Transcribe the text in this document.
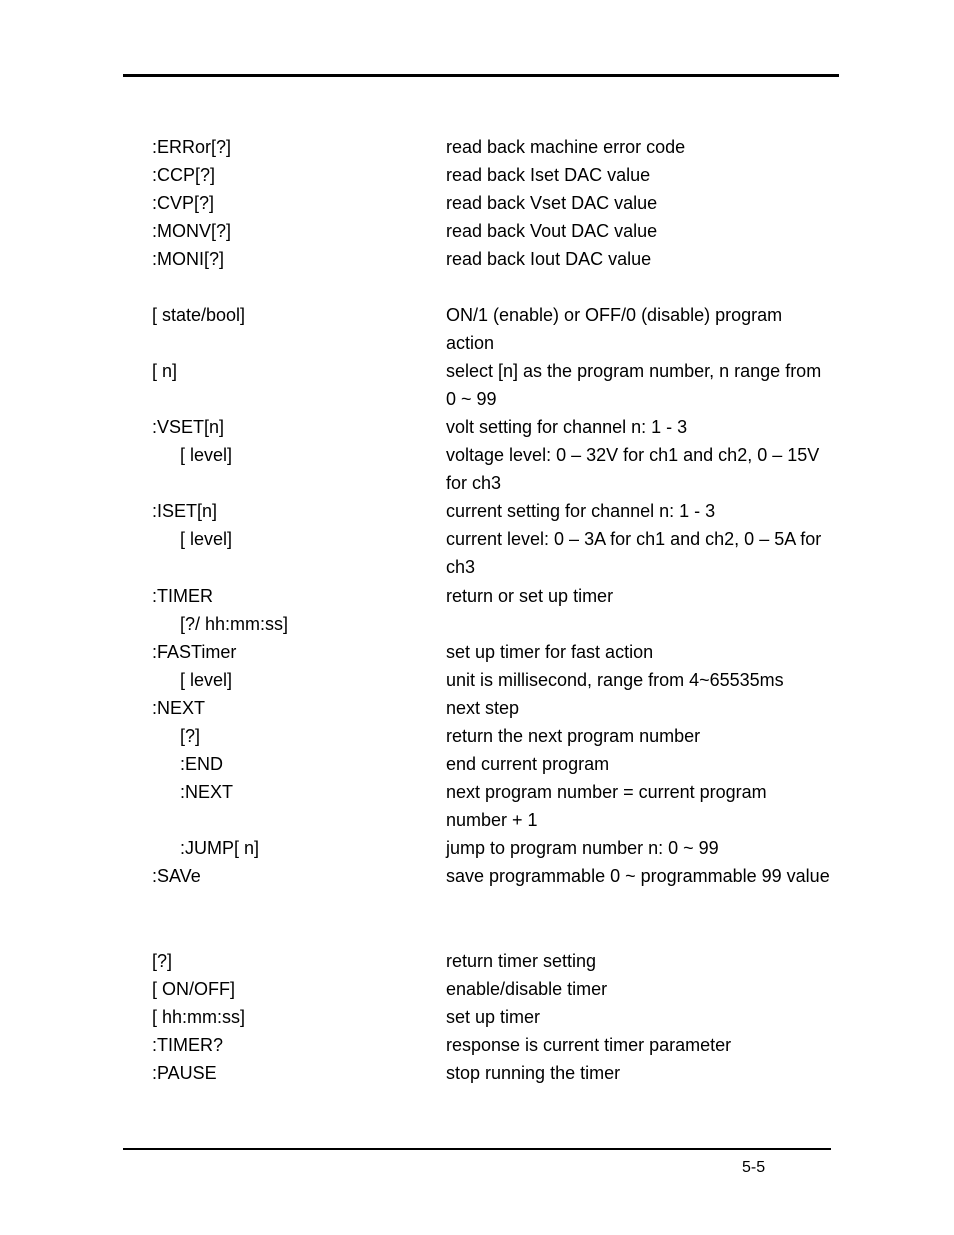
:ERRor[?]	read back machine error code
:CCP[?]	read back Iset DAC value
:CVP[?]	read back Vset DAC value
:MONV[?]	read back Vout DAC value
:MONI[?]	read back Iout DAC value
[ state/bool]	ON/1 (enable) or OFF/0 (disable) program
action
[ n]	select [n] as the program number, n range from
0 ~ 99
:VSET[n]	volt setting for channel n: 1 - 3
[ level]	voltage level: 0 – 32V for ch1 and ch2, 0 – 15V
for ch3
:ISET[n]	current setting for channel n: 1 - 3
[ level]	current level: 0 – 3A for ch1 and ch2, 0 – 5A for
ch3
:TIMER	return or set up timer
[?/ hh:mm:ss]
:FASTimer	set up timer for fast action
[ level]	unit is millisecond, range from 4~65535ms
:NEXT	next step
[?]	return the next program number
:END	end current program
:NEXT	next program number = current program
number + 1
:JUMP[ n]	jump to program number n: 0 ~ 99
:SAVe	save programmable 0 ~ programmable 99 value
[?]	return timer setting
[ ON/OFF]	enable/disable timer
[ hh:mm:ss]	set up timer
:TIMER?	response is current timer parameter
:PAUSE	stop running the timer
5-5
